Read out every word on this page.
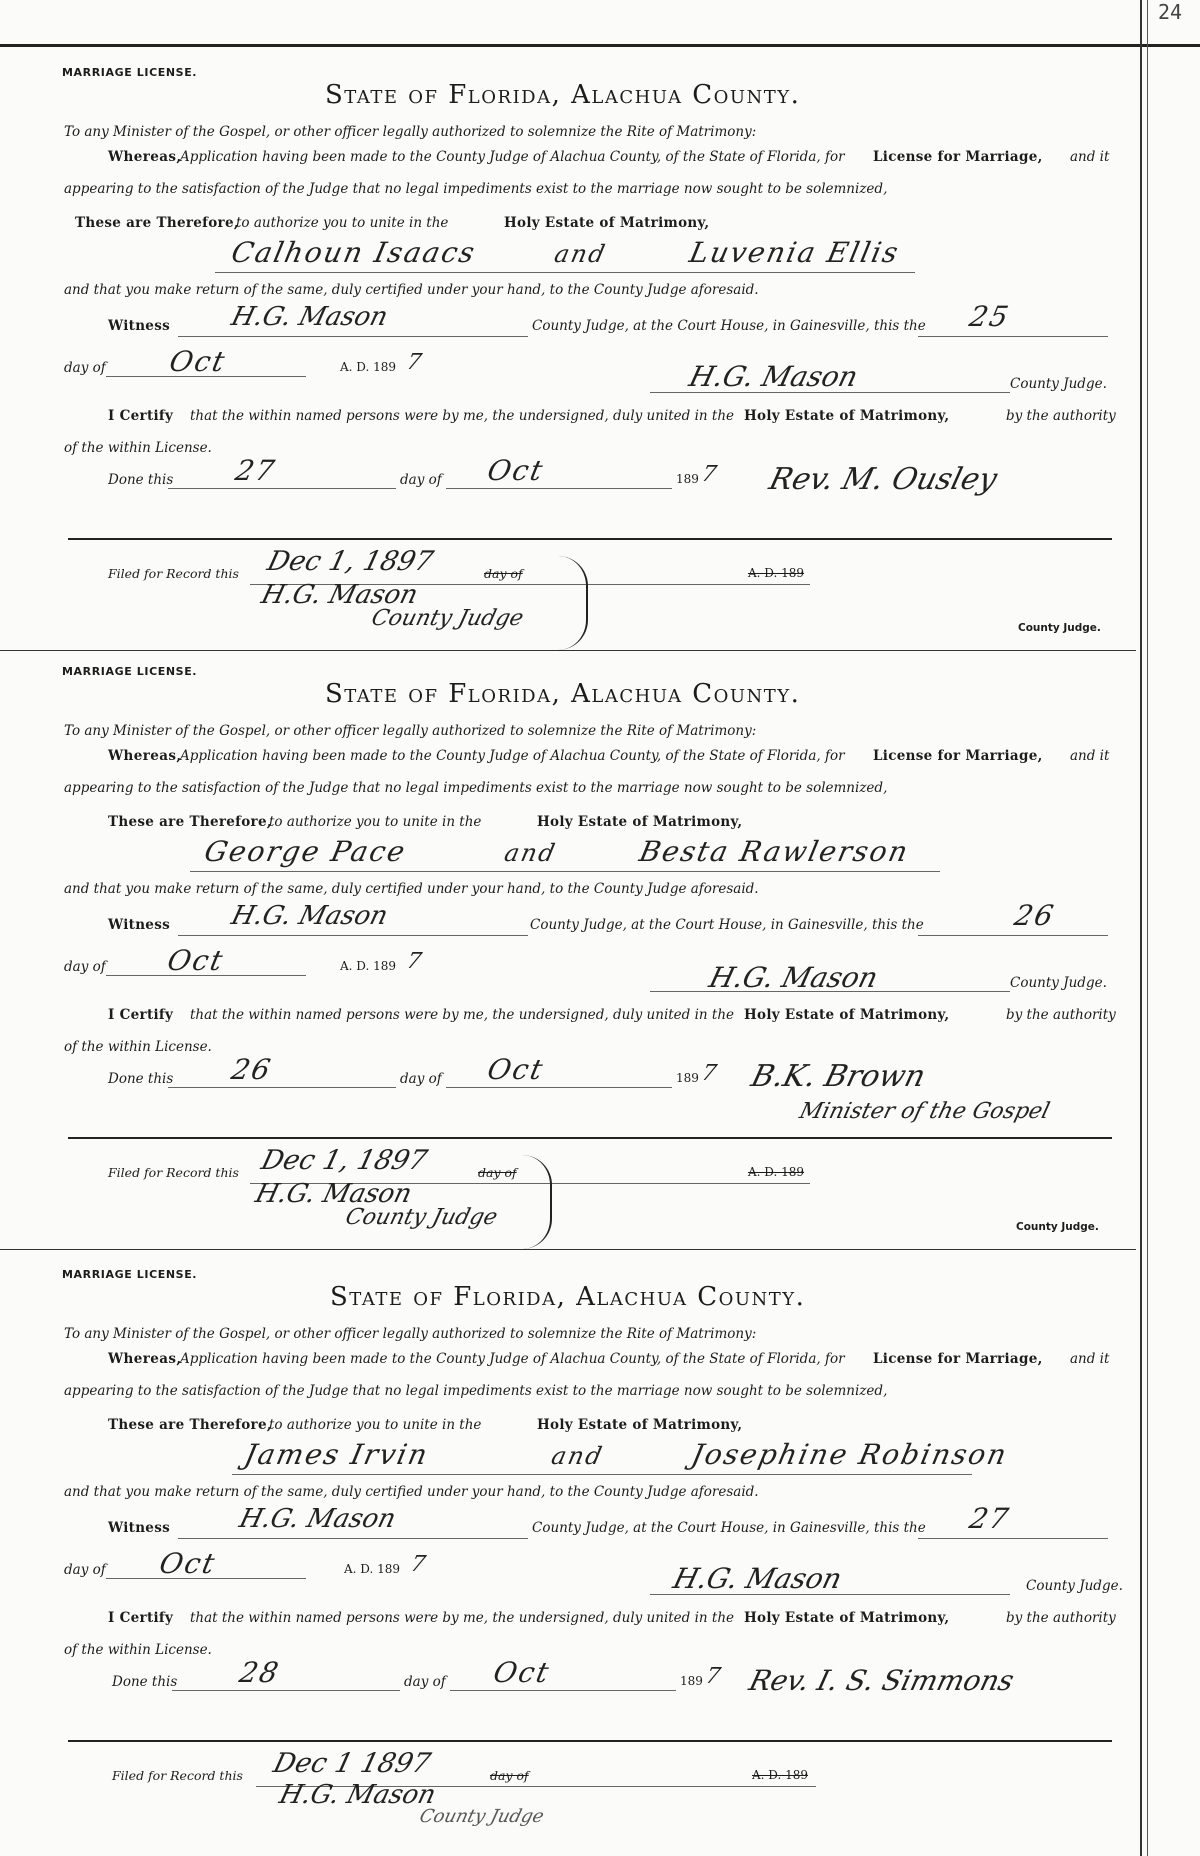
24
MARRIAGE LICENSE.
State of Florida, Alachua County.
To any Minister of the Gospel, or other officer legally authorized to solemnize the Rite of Matrimony:
Whereas,
Application having been made to the County Judge of Alachua County, of the State of Florida, for License for Marriage, and it
appearing to the satisfaction of the Judge that no legal impediments exist to the marriage now sought to be solemnized,
These are Therefore,
to authorize you to unite in the	Holy Estate of Matrimony,
Calhoun Isaacs	and	Luvenia Ellis
and that you make return of the same, duly certified under your hand, to the County Judge aforesaid.
Witness H.G. Mason	County Judge, at the Court House, in Gainesville, this the 25
day of Oct	A. D. 189 7	H.G. Mason	County Judge.
I Certify that the within named persons were by me, the undersigned, duly united in the Holy Estate of Matrimony,	by the authority
of the within License.
Done this 27	day of Oct	189 7 Rev. M. Ousley
Filed for Record this Dec 1, 1897	day of	A. D. 189
H.G. Mason
County Judge	County Judge.
MARRIAGE LICENSE.
State of Florida, Alachua County.
To any Minister of the Gospel, or other officer legally authorized to solemnize the Rite of Matrimony:
Whereas,
Application having been made to the County Judge of Alachua County, of the State of Florida, for License for Marriage, and it
appearing to the satisfaction of the Judge that no legal impediments exist to the marriage now sought to be solemnized,
These are Therefore,
to authorize you to unite in the	Holy Estate of Matrimony,
George Pace	and	Besta Rawlerson
and that you make return of the same, duly certified under your hand, to the County Judge aforesaid.
Witness H.G. Mason	County Judge, at the Court House, in Gainesville, this the	26
day of Oct	A. D. 189 7	H.G. Mason	County Judge.
I Certify that the within named persons were by me, the undersigned, duly united in the Holy Estate of Matrimony,	by the authority
of the within License.
Done this 26	day of Oct	189 7 B.K. Brown
Minister of the Gospel
Filed for Record this Dec 1, 1897	day of	A. D. 189
H.G. Mason
County Judge	County Judge.
MARRIAGE LICENSE.
State of Florida, Alachua County.
To any Minister of the Gospel, or other officer legally authorized to solemnize the Rite of Matrimony:
Whereas,
Application having been made to the County Judge of Alachua County, of the State of Florida, for License for Marriage, and it
appearing to the satisfaction of the Judge that no legal impediments exist to the marriage now sought to be solemnized,
These are Therefore,
to authorize you to unite in the	Holy Estate of Matrimony,
James Irvin	and	Josephine Robinson
and that you make return of the same, duly certified under your hand, to the County Judge aforesaid.
Witness	H.G. Mason	County Judge, at the Court House, in Gainesville, this the 27
day of Oct	A. D. 189 7	H.G. Mason	County Judge.
I Certify that the within named persons were by me, the undersigned, duly united in the Holy Estate of Matrimony,	by the authority
of the within License.
Done this 28	day of Oct	189 7 Rev. I. S. Simmons
Filed for Record this Dec 1 1897	day of	A. D. 189
H.G. Mason
County Judge
